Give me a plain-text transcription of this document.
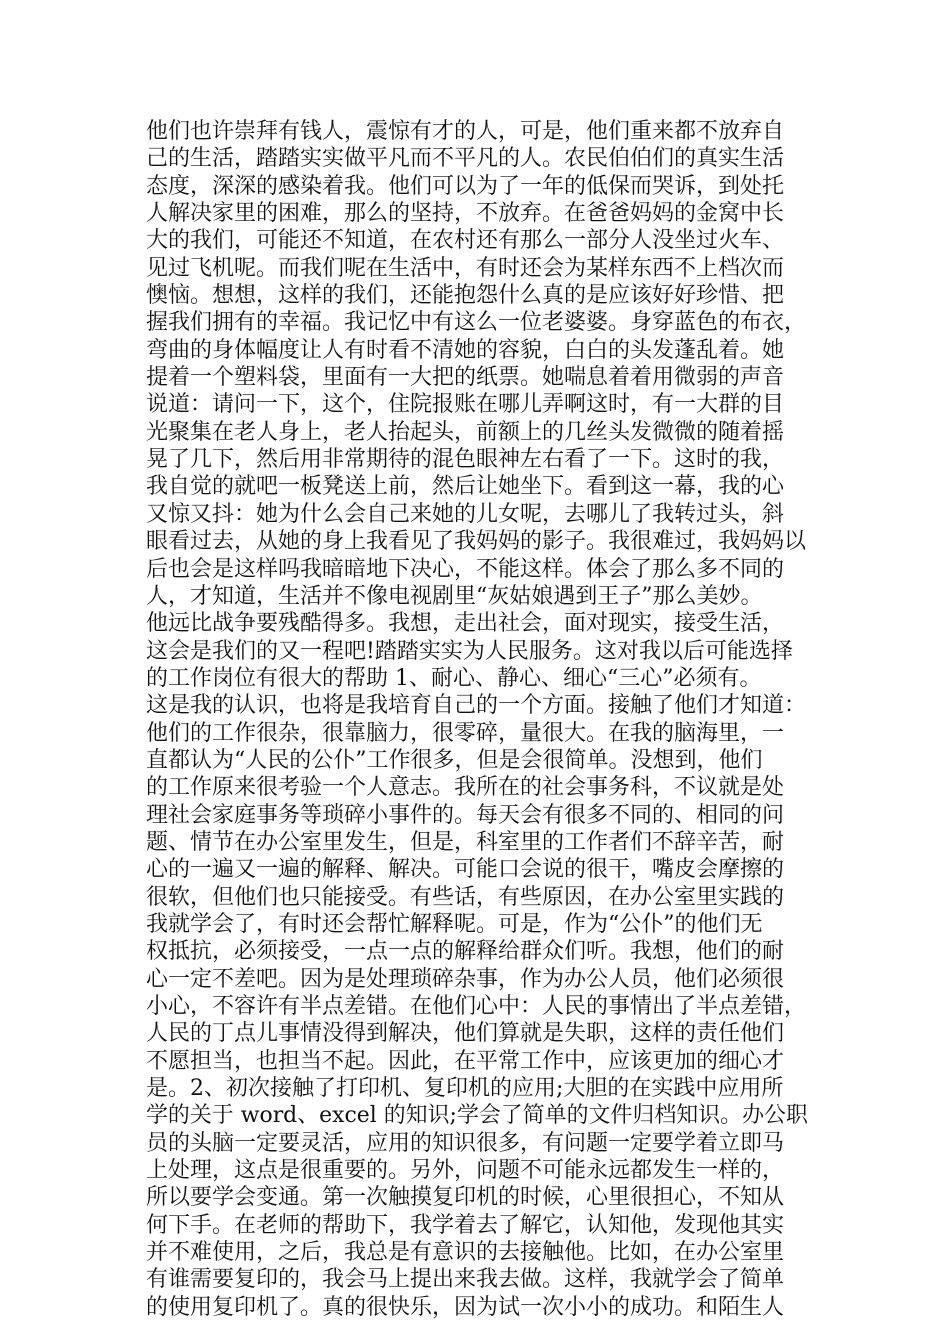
他们也许崇拜有钱人，震惊有才的人，可是，他们重来都不放弃自
己的生活，踏踏实实做平凡而不平凡的人。农民伯伯们的真实生活
态度，深深的感染着我。他们可以为了一年的低保而哭诉，到处托
人解决家里的困难，那么的坚持，不放弃。在爸爸妈妈的金窝中长
大的我们，可能还不知道，在农村还有那么一部分人没坐过火车、
见过飞机呢。而我们呢在生活中，有时还会为某样东西不上档次而
懊恼。想想，这样的我们，还能抱怨什么真的是应该好好珍惜、把
握我们拥有的幸福。我记忆中有这么一位老婆婆。身穿蓝色的布衣，
弯曲的身体幅度让人有时看不清她的容貌，白白的头发蓬乱着。她
提着一个塑料袋，里面有一大把的纸票。她喘息着着用微弱的声音
说道：请问一下，这个，住院报账在哪儿弄啊这时，有一大群的目
光聚集在老人身上，老人抬起头，前额上的几丝头发微微的随着摇
晃了几下，然后用非常期待的混色眼神左右看了一下。这时的我，
我自觉的就吧一板凳送上前，然后让她坐下。看到这一幕，我的心
又惊又抖：她为什么会自己来她的儿女呢，去哪儿了我转过头，斜
眼看过去，从她的身上我看见了我妈妈的影子。我很难过，我妈妈以
后也会是这样吗我暗暗地下决心，不能这样。体会了那么多不同的
人，才知道，生活并不像电视剧里“灰姑娘遇到王子”那么美妙。
他远比战争要残酷得多。我想，走出社会，面对现实，接受生活，
这会是我们的又一程吧!踏踏实实为人民服务。这对我以后可能选择
的工作岗位有很大的帮助 1、耐心、静心、细心“三心”必须有。
这是我的认识，也将是我培育自己的一个方面。接触了他们才知道：
他们的工作很杂，很靠脑力，很零碎，量很大。在我的脑海里，一
直都认为“人民的公仆”工作很多，但是会很简单。没想到，他们
的工作原来很考验一个人意志。我所在的社会事务科，不议就是处
理社会家庭事务等琐碎小事件的。每天会有很多不同的、相同的问
题、情节在办公室里发生，但是，科室里的工作者们不辞辛苦，耐
心的一遍又一遍的解释、解决。可能口会说的很干，嘴皮会摩擦的
很软，但他们也只能接受。有些话，有些原因，在办公室里实践的
我就学会了，有时还会帮忙解释呢。可是，作为“公仆”的他们无
权抵抗，必须接受，一点一点的解释给群众们听。我想，他们的耐
心一定不差吧。因为是处理琐碎杂事，作为办公人员，他们必须很
小心，不容许有半点差错。在他们心中：人民的事情出了半点差错，
人民的丁点儿事情没得到解决，他们算就是失职，这样的责任他们
不愿担当，也担当不起。因此，在平常工作中，应该更加的细心才
是。2、初次接触了打印机、复印机的应用;大胆的在实践中应用所
学的关于 word、excel 的知识;学会了简单的文件归档知识。办公职
员的头脑一定要灵活，应用的知识很多，有问题一定要学着立即马
上处理，这点是很重要的。另外，问题不可能永远都发生一样的，
所以要学会变通。第一次触摸复印机的时候，心里很担心，不知从
何下手。在老师的帮助下，我学着去了解它，认知他，发现他其实
并不难使用，之后，我总是有意识的去接触他。比如，在办公室里
有谁需要复印的，我会马上提出来我去做。这样，我就学会了简单
的使用复印机了。真的很快乐，因为试一次小小的成功。和陌生人
